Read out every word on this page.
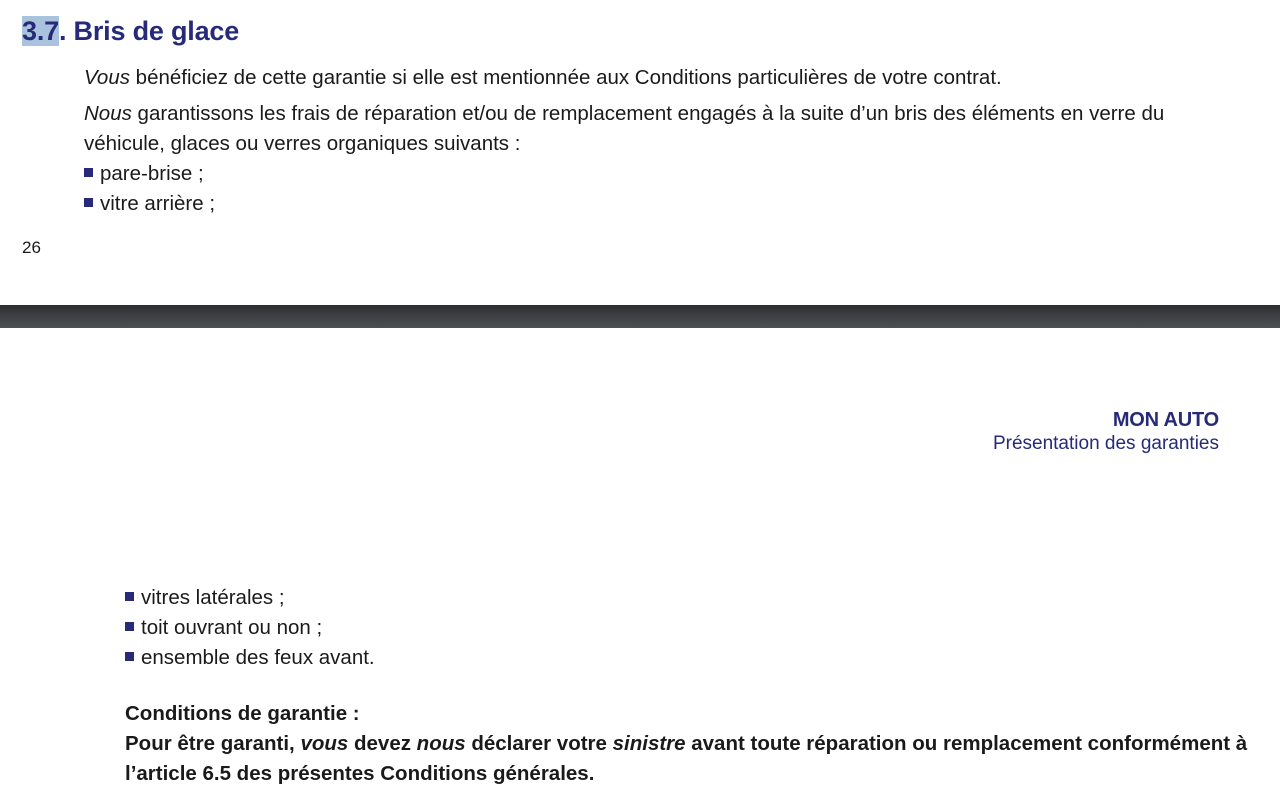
3.7. Bris de glace

Vous bénéficiez de cette garantie si elle est mentionnée aux Conditions particulières de votre contrat.

Nous garantissons les frais de réparation et/ou de remplacement engagés à la suite d’un bris des éléments en verre du véhicule, glaces ou verres organiques suivants :

pare-brise ;
vitre arrière ;
26
MON AUTO
Présentation des garanties
vitres latérales ;
toit ouvrant ou non ;
ensemble des feux avant.

Conditions de garantie :

Pour être garanti, vous devez nous déclarer votre sinistre avant toute réparation ou remplacement conformément à l’article 6.5 des présentes Conditions générales.
